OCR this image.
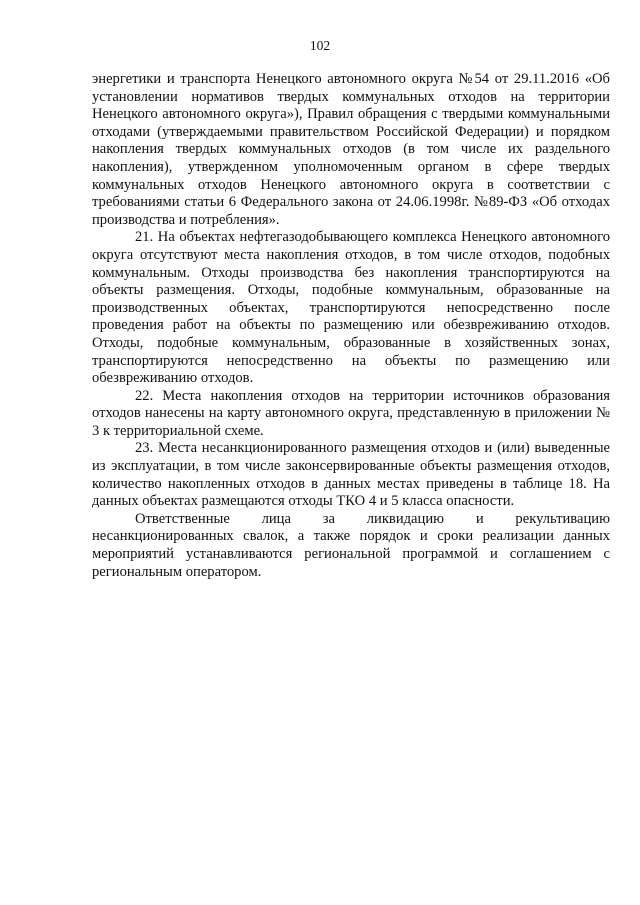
102

энергетики и транспорта Ненецкого автономного округа №54 от 29.11.2016 «Об установлении нормативов твердых коммунальных отходов на территории Ненецкого автономного округа»), Правил обращения с твердыми коммунальными отходами (утверждаемыми правительством Российской Федерации) и порядком накопления твердых коммунальных отходов (в том числе их раздельного накопления), утвержденном уполномоченным органом в сфере твердых коммунальных отходов Ненецкого автономного округа в соответствии с требованиями статьи 6 Федерального закона от 24.06.1998г. №89-ФЗ «Об отходах производства и потребления».

21. На объектах нефтегазодобывающего комплекса Ненецкого автономного округа отсутствуют места накопления отходов, в том числе отходов, подобных коммунальным. Отходы производства без накопления транспортируются на объекты размещения. Отходы, подобные коммунальным, образованные на производственных объектах, транспортируются непосредственно после проведения работ на объекты по размещению или обезвреживанию отходов. Отходы, подобные коммунальным, образованные в хозяйственных зонах, транспортируются непосредственно на объекты по размещению или обезвреживанию отходов.

22. Места накопления отходов на территории источников образования отходов нанесены на карту автономного округа, представленную в приложении № 3 к территориальной схеме.

23. Места несанкционированного размещения отходов и (или) выведенные из эксплуатации, в том числе законсервированные объекты размещения отходов, количество накопленных отходов в данных местах приведены в таблице 18. На данных объектах размещаются отходы ТКО 4 и 5 класса опасности.

Ответственные лица за ликвидацию и рекультивацию несанкционированных свалок, а также порядок и сроки реализации данных мероприятий устанавливаются региональной программой и соглашением с региональным оператором.
